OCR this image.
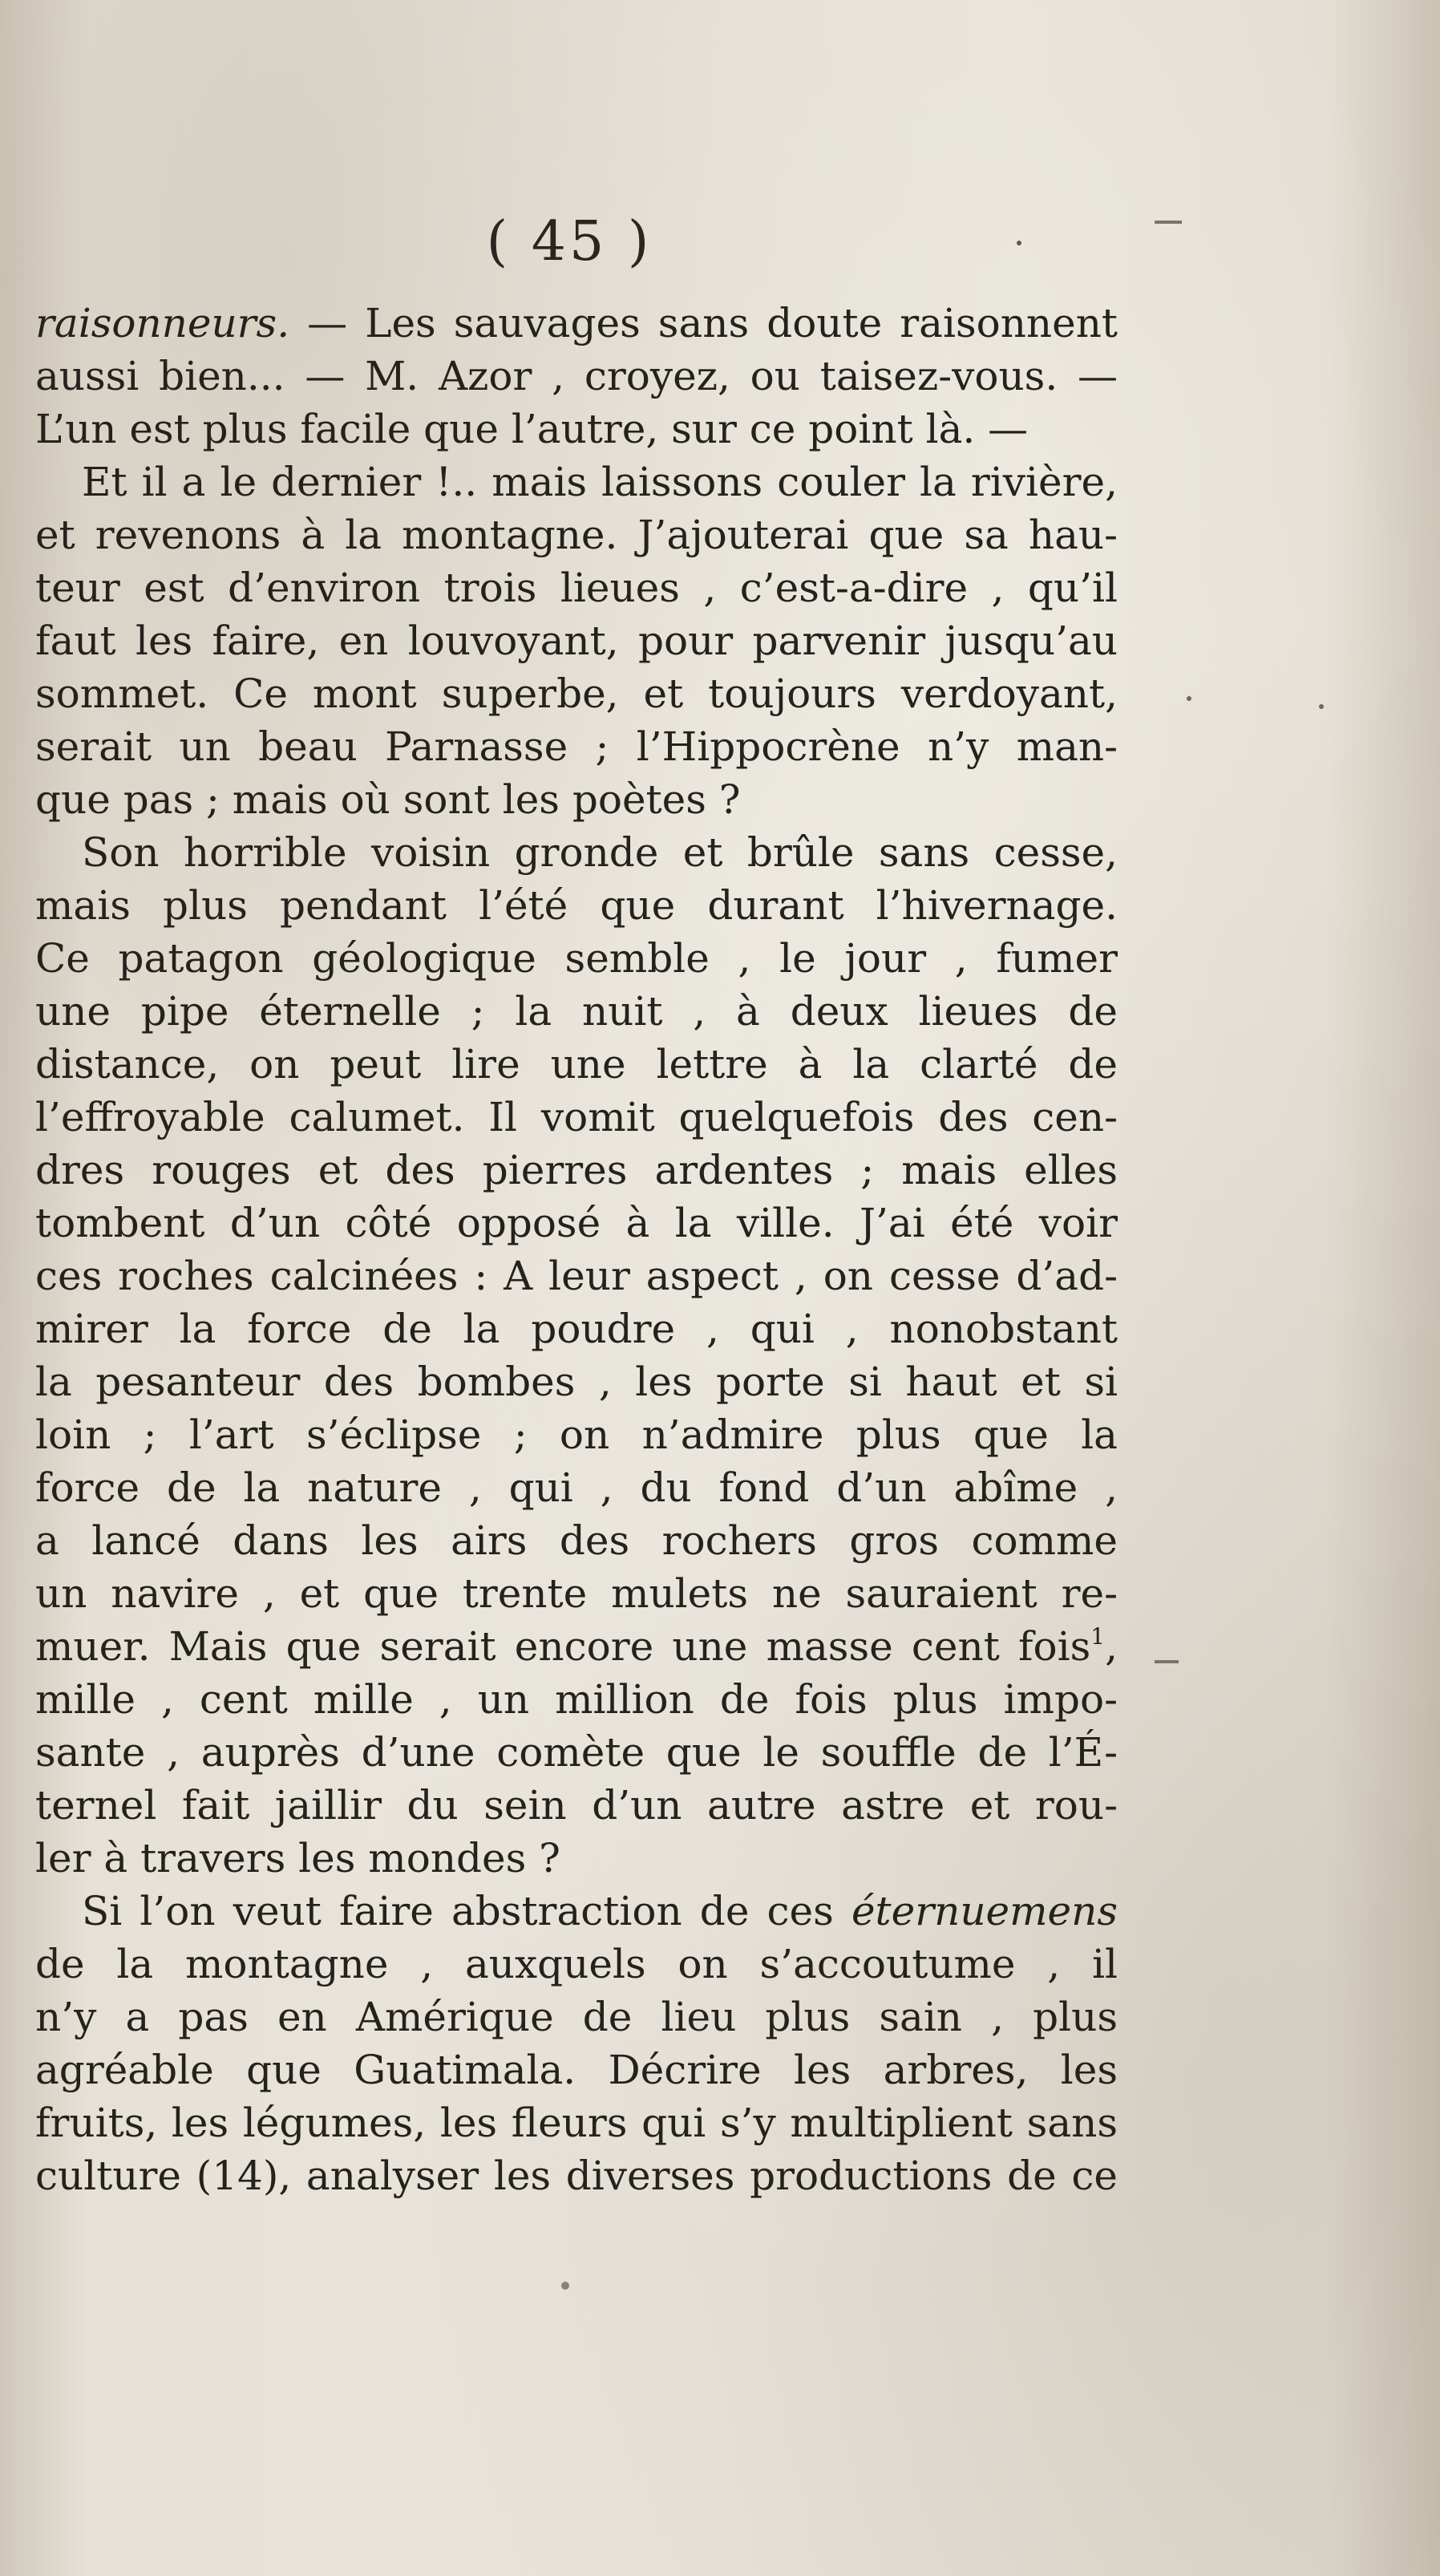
( 45 )
raisonneurs. — Les sauvages sans doute raisonnent
aussi bien... — M. Azor , croyez, ou taisez-vous. —
L’un est plus facile que l’autre, sur ce point là. —
Et il a le dernier !.. mais laissons couler la rivière,
et revenons à la montagne. J’ajouterai que sa hau-
teur est d’environ trois lieues , c’est-a-dire , qu’il
faut les faire, en louvoyant, pour parvenir jusqu’au
sommet. Ce mont superbe, et toujours verdoyant,
serait un beau Parnasse ; l’Hippocrène n’y man-
que pas ; mais où sont les poètes ?
Son horrible voisin gronde et brûle sans cesse,
mais plus pendant l’été que durant l’hivernage.
Ce patagon géologique semble , le jour , fumer
une pipe éternelle ; la nuit , à deux lieues de
distance, on peut lire une lettre à la clarté de
l’effroyable calumet. Il vomit quelquefois des cen-
dres rouges et des pierres ardentes ; mais elles
tombent d’un côté opposé à la ville. J’ai été voir
ces roches calcinées : A leur aspect , on cesse d’ad-
mirer la force de la poudre , qui , nonobstant
la pesanteur des bombes , les porte si haut et si
loin ; l’art s’éclipse ; on n’admire plus que la
force de la nature , qui , du fond d’un abîme ,
a lancé dans les airs des rochers gros comme
un navire , et que trente mulets ne sauraient re-
muer. Mais que serait encore une masse cent fois$^1$,
mille , cent mille , un million de fois plus impo-
sante , auprès d’une comète que le souffle de l’É-
ternel fait jaillir du sein d’un autre astre et rou-
ler à travers les mondes ?
Si l’on veut faire abstraction de ces éternuemens
de la montagne , auxquels on s’accoutume , il
n’y a pas en Amérique de lieu plus sain , plus
agréable que Guatimala. Décrire les arbres, les
fruits, les légumes, les fleurs qui s’y multiplient sans
culture (14), analyser les diverses productions de ce
